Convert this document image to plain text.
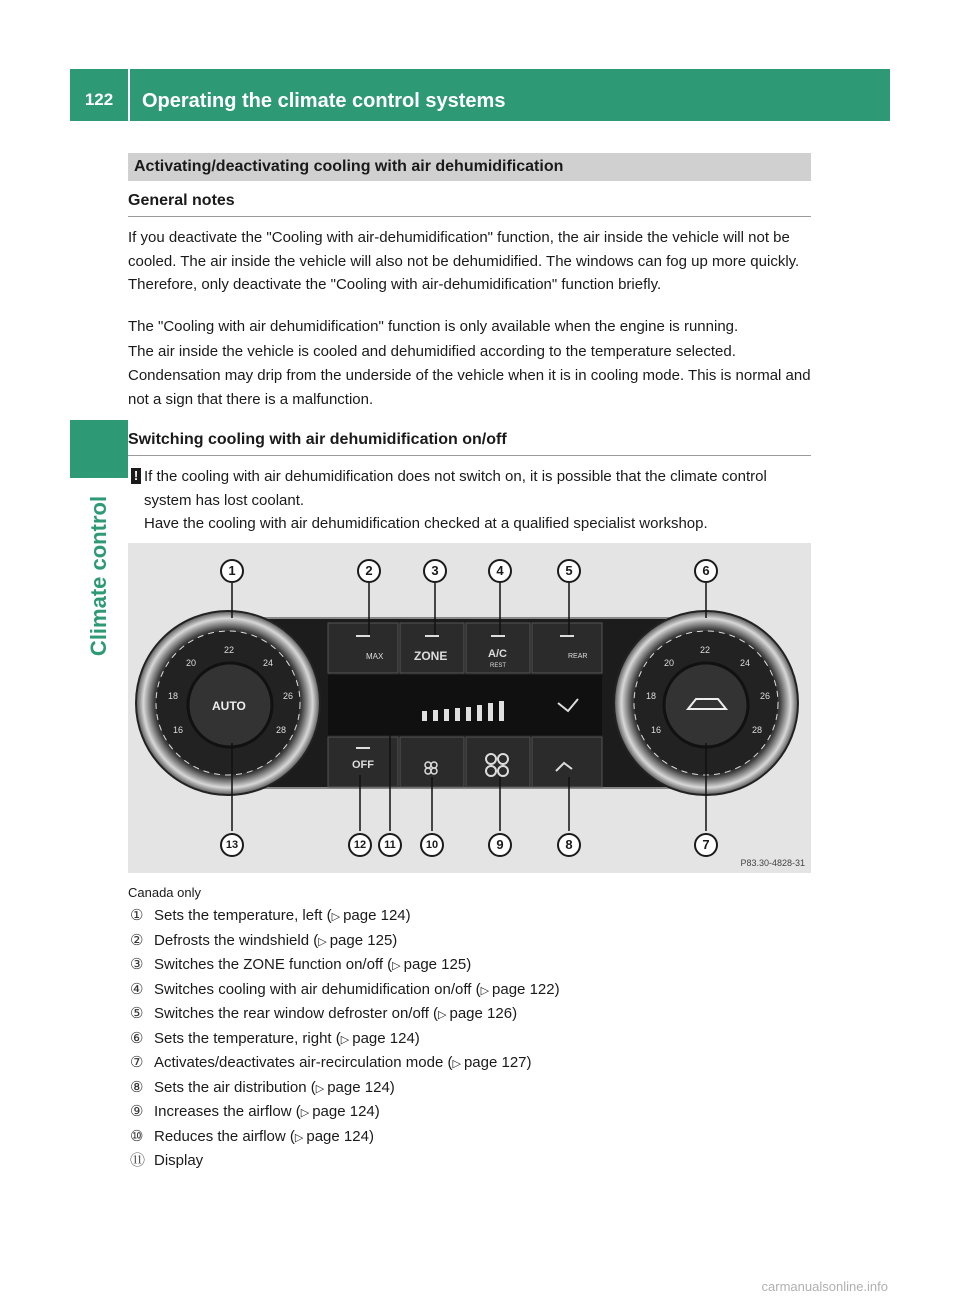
122	Operating the climate control systems
Climate control
Activating/deactivating cooling with air dehumidification
General notes

If you deactivate the "Cooling with air-dehumidification" function, the air inside the vehicle will not be cooled. The air inside the vehicle will also not be dehumidified. The windows can fog up more quickly. Therefore, only deactivate the "Cooling with air-dehumidification" function briefly.

The "Cooling with air dehumidification" function is only available when the engine is running.

The air inside the vehicle is cooled and dehumidified according to the temperature selected.

Condensation may drip from the underside of the vehicle when it is in cooling mode. This is normal and not a sign that there is a malfunction.

Switching cooling with air dehumidification on/off
! If the cooling with air dehumidification does not switch on, it is possible that the climate control system has lost coolant.

Have the cooling with air dehumidification checked at a qualified specialist workshop.

MAX	ZONE	A/C
REST
REAR
OFF
AUTO
16
18
20
22
24
26
28	16
18
20
22
24
26
28
1	2	3	4	5	6
7
8
9
10
11
12
13
P83.30-4828-31
Canada only
① Sets the temperature, left (▷ page 124)
② Defrosts the windshield (▷ page 125)
③ Switches the ZONE function on/off (▷ page 125)
④ Switches cooling with air dehumidification on/off (▷ page 122)
⑤ Switches the rear window defroster on/off (▷ page 126)
⑥ Sets the temperature, right (▷ page 124)
⑦ Activates/deactivates air-recirculation mode (▷ page 127)
⑧ Sets the air distribution (▷ page 124)
⑨ Increases the airflow (▷ page 124)
⑩ Reduces the airflow (▷ page 124)
⑪ Display
carmanualsonline.info
